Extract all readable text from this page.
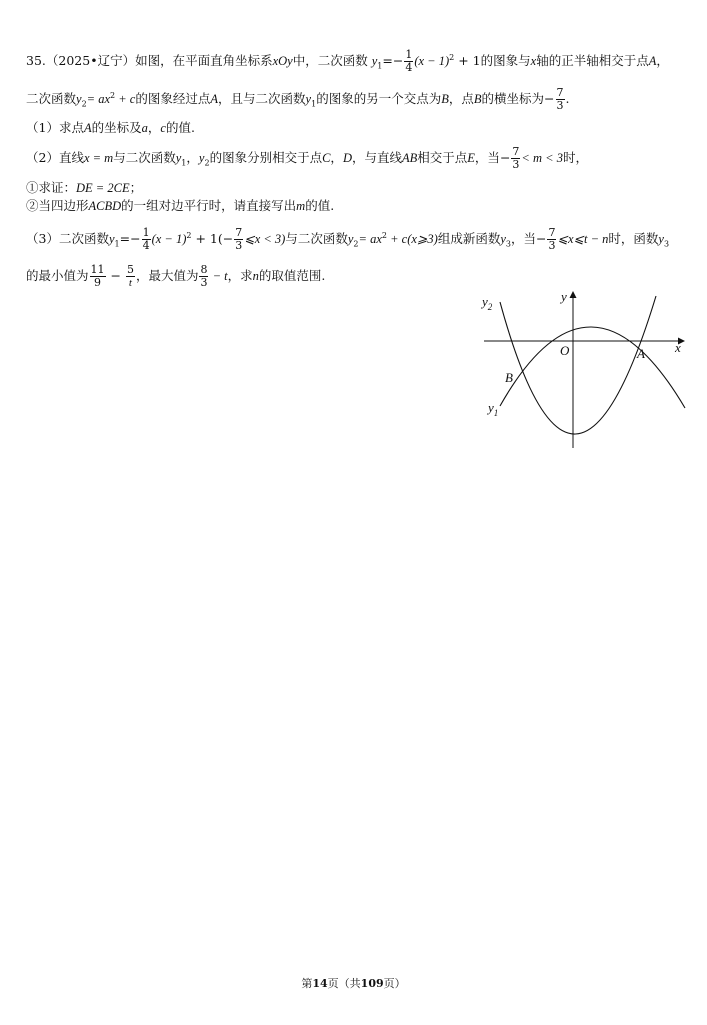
35.（2025•辽宁）如图，在平面直角坐标系xOy中，二次函数 $y_1=- \frac{1}{4} (x - 1)^2 + 1$的图象与x轴的正半轴相交于点A，
二次函数$y_2= ax^2 + c$的图象经过点A，且与二次函数$y_1$的图象的另一个交点为B，点B的横坐标为− $\frac{7}{3}$ .
（1）求点A的坐标及a，c的值.
（2）直线x = m与二次函数$y_1$，$y_2$的图象分别相交于点C，D，与直线AB相交于点E，当− $\frac{7}{3} < m < 3$时，
①求证：DE = 2CE；
②当四边形ACBD的一组对边平行时，请直接写出m的值.
（3）二次函数$y_1=- \frac{1}{4} (x - 1)^2 + 1(- \frac{7}{3}$ ⩽x < 3)与二次函数$y_2= ax^2$ + c(x⩾3)组成新函数$y_3$，当− $\frac{7}{3}$ ⩽x⩽t − n时，函数$y_3$
的最小值为 $\frac{11}{9} - \frac{5}{t}$ ，最大值为 $\frac{8}{3} - t$，求n的取值范围.
$y_2$
y
O	A x
B
$y_1$
第14页（共109页）
